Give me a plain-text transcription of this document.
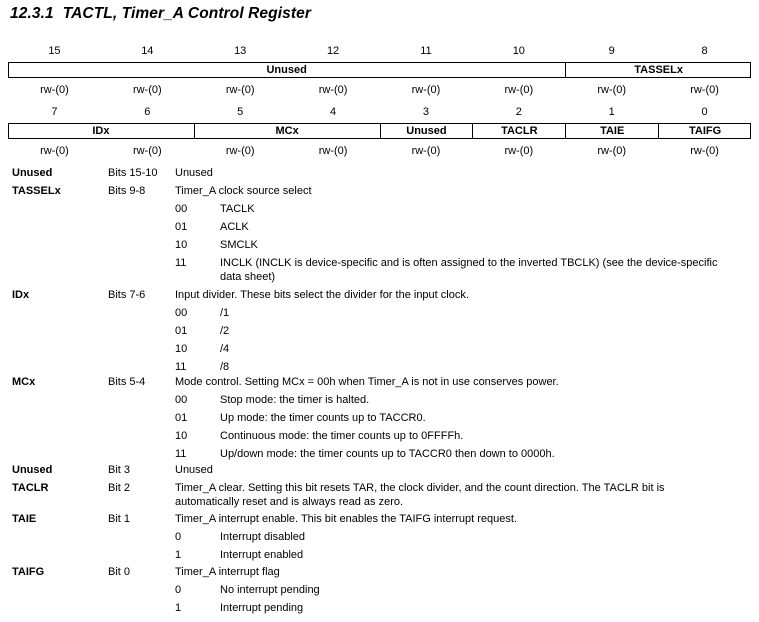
12.3.1 TACTL, Timer_A Control Register
15	14	13	12	11	10	9	8
Unused	TASSELx
rw-(0)	rw-(0)	rw-(0)	rw-(0)	rw-(0)	rw-(0)	rw-(0)	rw-(0)
7	6	5	4	3	2	1	0
IDx	MCx	Unused	TACLR	TAIE	TAIFG
rw-(0)	rw-(0)	rw-(0)	rw-(0)	rw-(0)	rw-(0)	rw-(0)	rw-(0)
Unused	Bits 15-10 Unused
TASSELx	Bits 9-8	Timer_A clock source select
00	TACLK
01	ACLK
10	SMCLK
11	INCLK (INCLK is device-specific and is often assigned to the inverted TBCLK) (see the device-specific data sheet)
IDx	Bits 7-6	Input divider. These bits select the divider for the input clock.
00	/1
01	/2
10	/4
11	/8
MCx	Bits 5-4	Mode control. Setting MCx = 00h when Timer_A is not in use conserves power.
00	Stop mode: the timer is halted.
01	Up mode: the timer counts up to TACCR0.
10	Continuous mode: the timer counts up to 0FFFFh.
11	Up/down mode: the timer counts up to TACCR0 then down to 0000h.
Unused	Bit 3	Unused
TACLR	Bit 2	Timer_A clear. Setting this bit resets TAR, the clock divider, and the count direction. The TACLR bit is automatically reset and is always read as zero.
TAIE	Bit 1	Timer_A interrupt enable. This bit enables the TAIFG interrupt request.
0	Interrupt disabled
1	Interrupt enabled
TAIFG	Bit 0	Timer_A interrupt flag
0	No interrupt pending
1	Interrupt pending
